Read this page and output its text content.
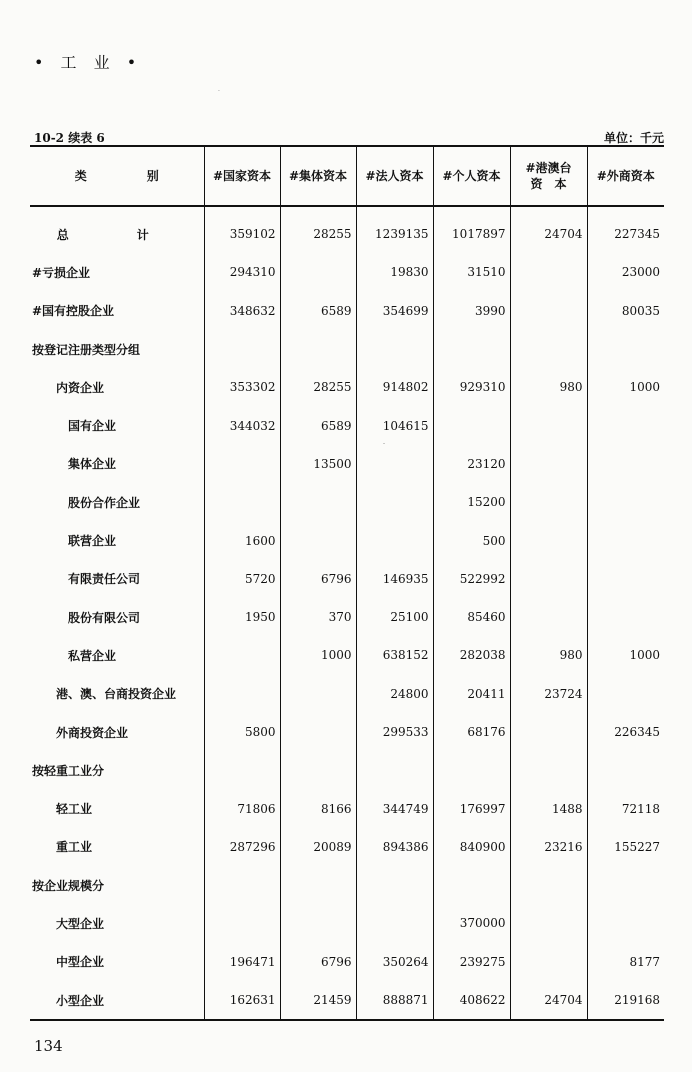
• 工 业 •
10-2 续表 6	单位：千元
类　　　　　别	#国家资本	#集体资本	#法人资本	#个人资本	#港澳台
资　本	#外商资本
总　计	359102	28255	1239135	1017897	24704	227345
#亏损企业	294310		19830	31510		23000
#国有控股企业	348632	6589	354699	3990		80035
按登记注册类型分组						
内资企业	353302	28255	914802	929310	980	1000
国有企业	344032	6589	104615			
集体企业		13500		23120		
股份合作企业				15200		
联营企业	1600			500		
有限责任公司	5720	6796	146935	522992		
股份有限公司	1950	370	25100	85460		
私营企业		1000	638152	282038	980	1000
港、澳、台商投资企业			24800	20411	23724	
外商投资企业	5800		299533	68176		226345
按轻重工业分						
轻工业	71806	8166	344749	176997	1488	72118
重工业	287296	20089	894386	840900	23216	155227
按企业规模分						
大型企业				370000		
中型企业	196471	6796	350264	239275		8177
小型企业	162631	21459	888871	408622	24704	219168
134
.
-
